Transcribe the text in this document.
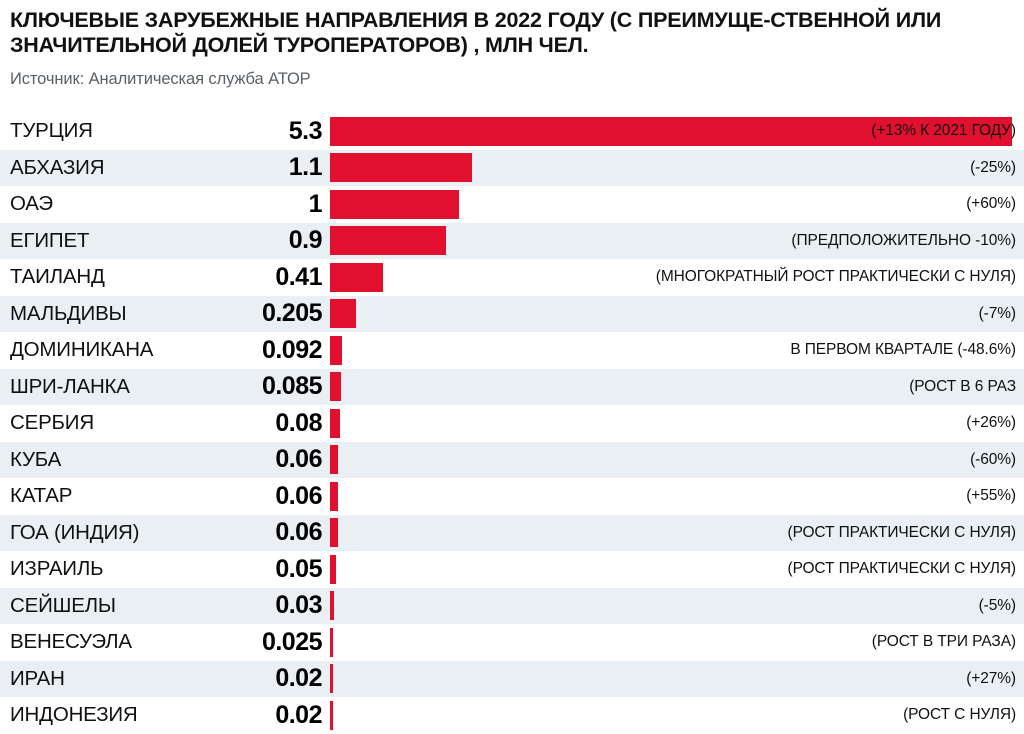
КЛЮЧЕВЫЕ ЗАРУБЕЖНЫЕ НАПРАВЛЕНИЯ В 2022 ГОДУ (С ПРЕИМУЩЕ-СТВЕННОЙ ИЛИ ЗНАЧИТЕЛЬНОЙ ДОЛЕЙ ТУРОПЕРАТОРОВ) , МЛН ЧЕЛ.

Источник: Аналитическая служба АТОР

ТУРЦИЯ	5.3	(+13% К 2021 ГОДУ)
АБХАЗИЯ	1.1	(-25%)
ОАЭ	1	(+60%)
ЕГИПЕТ	0.9	(ПРЕДПОЛОЖИТЕЛЬНО -10%)
ТАИЛАНД	0.41	(МНОГОКРАТНЫЙ РОСТ ПРАКТИЧЕСКИ С НУЛЯ)
МАЛЬДИВЫ	0.205	(-7%)
ДОМИНИКАНА	0.092	В ПЕРВОМ КВАРТАЛЕ (-48.6%)
ШРИ-ЛАНКА	0.085	(РОСТ В 6 РАЗ
СЕРБИЯ	0.08	(+26%)
КУБА	0.06	(-60%)
КАТАР	0.06	(+55%)
ГОА (ИНДИЯ)	0.06	(РОСТ ПРАКТИЧЕСКИ С НУЛЯ)
ИЗРАИЛЬ	0.05	(РОСТ ПРАКТИЧЕСКИ С НУЛЯ)
СЕЙШЕЛЫ	0.03	(-5%)
ВЕНЕСУЭЛА	0.025	(РОСТ В ТРИ РАЗА)
ИРАН	0.02	(+27%)
ИНДОНЕЗИЯ	0.02	(РОСТ С НУЛЯ)
